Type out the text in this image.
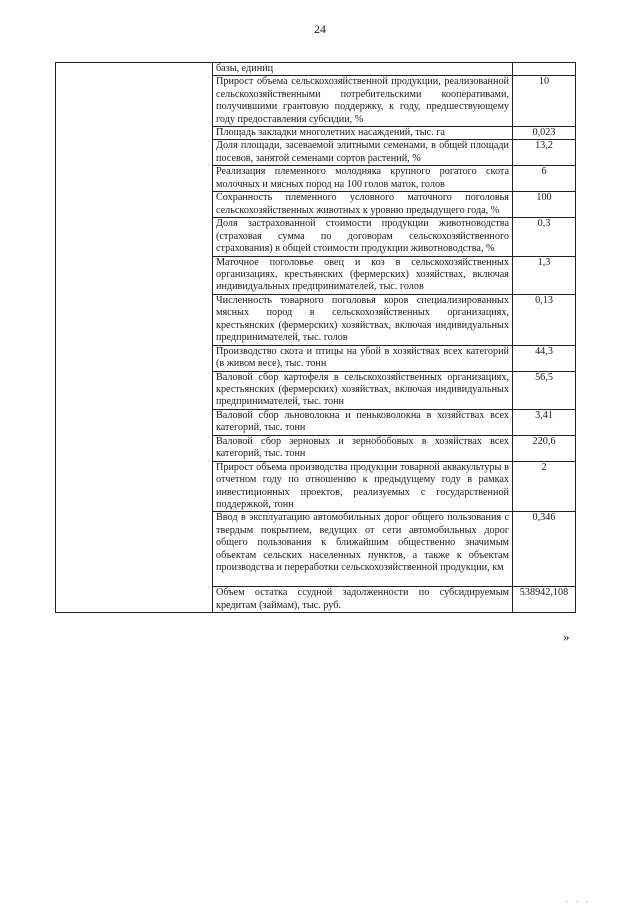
24
	базы, единиц	
	Прирост объема сельскохозяйственной продукции, реализованной сельскохозяйственными потребительскими кооперативами, получившими грантовую поддержку, к году, предшествующему году предоставления субсидии, %	10
	Площадь закладки многолетних насаждений, тыс. га	0,023
	Доля площади, засеваемой элитными семенами, в общей площади посевов, занятой семенами сортов растений, %	13,2
	Реализация племенного молодняка крупного рогатого скота молочных и мясных пород на 100 голов маток, голов	6
	Сохранность племенного условного маточного поголовья сельскохозяйственных животных к уровню предыдущего года, %	100
	Доля застрахованной стоимости продукции животноводства (страховая сумма по договорам сельскохозяйственного страхования) в общей стоимости продукции животноводства, %	0,3
	Маточное поголовье овец и коз в сельскохозяйственных организациях, крестьянских (фермерских) хозяйствах, включая индивидуальных предпринимателей, тыс. голов	1,3
	Численность товарного поголовья коров специализированных мясных пород в сельскохозяйственных организациях, крестьянских (фермерских) хозяйствах, включая индивидуальных предпринимателей, тыс. голов	0,13
	Производство скота и птицы на убой в хозяйствах всех категорий (в живом весе), тыс. тонн	44,3
	Валовой сбор картофеля в сельскохозяйственных организациях, крестьянских (фермерских) хозяйствах, включая индивидуальных предпринимателей, тыс. тонн	56,5
	Валовой сбор льноволокна и пеньковолокна в хозяйствах всех категорий, тыс. тонн	3,41
	Валовой сбор зерновых и зернобобовых в хозяйствах всех категорий, тыс. тонн	220,6
	Прирост объема производства продукции товарной аквакультуры в отчетном году по отношению к предыдущему году в рамках инвестиционных проектов, реализуемых с государственной поддержкой, тонн	2
	Ввод в эксплуатацию автомобильных дорог общего пользования с твердым покрытием, ведущих от сети автомобильных дорог общего пользования к ближайшим общественно значимым объектам сельских населенных пунктов, а также к объектам производства и переработки сельскохозяйственной продукции, км	0,346
	Объем остатка ссудной задолженности по субсидируемым кредитам (займам), тыс. руб.	538942,108
»
. . .
